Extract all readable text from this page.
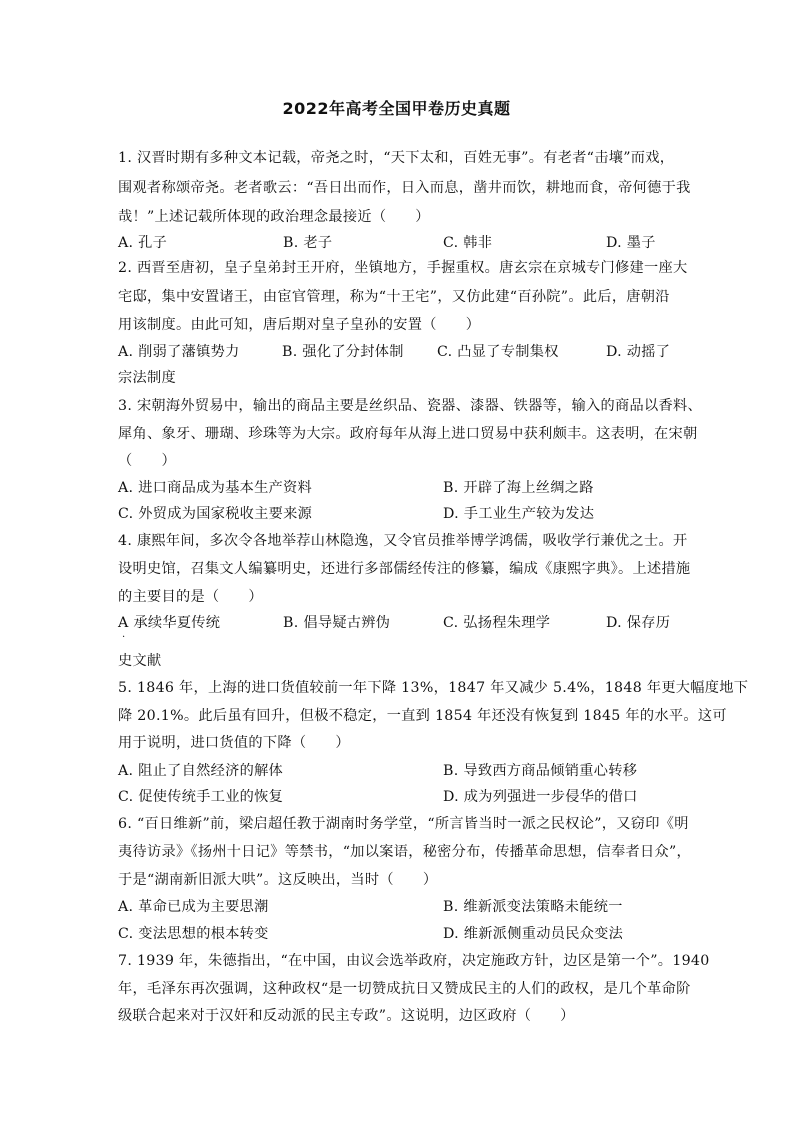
2022年高考全国甲卷历史真题
1. 汉晋时期有多种文本记载，帝尧之时，“天下太和，百姓无事”。有老者“击壤”而戏，
围观者称颂帝尧。老者歌云：“吾日出而作，日入而息，凿井而饮，耕地而食，帝何德于我
哉！”上述记载所体现的政治理念最接近（　　）
A. 孔子	B. 老子	C. 韩非	D. 墨子
2. 西晋至唐初，皇子皇弟封王开府，坐镇地方，手握重权。唐玄宗在京城专门修建一座大
宅邸，集中安置诸王，由宦官管理，称为“十王宅”，又仿此建“百孙院”。此后，唐朝沿
用该制度。由此可知，唐后期对皇子皇孙的安置（　　）
A. 削弱了藩镇势力	B. 强化了分封体制 C. 凸显了专制集权	D. 动摇了
宗法制度
3. 宋朝海外贸易中，输出的商品主要是丝织品、瓷器、漆器、铁器等，输入的商品以香料、
犀角、象牙、珊瑚、珍珠等为大宗。政府每年从海上进口贸易中获利颇丰。这表明，在宋朝
（　　）
A. 进口商品成为基本生产资料	B. 开辟了海上丝绸之路
C. 外贸成为国家税收主要来源	D. 手工业生产较为发达
4. 康熙年间，多次令各地举荐山林隐逸，又令官员推举博学鸿儒，吸收学行兼优之士。开
设明史馆，召集文人编纂明史，还进行多部儒经传注的修纂，编成《康熙字典》。上述措施
的主要目的是（　　）
A 承续华夏传统	B. 倡导疑古辨伪	C. 弘扬程朱理学	D. 保存历
.
史文献
5. 1846 年，上海的进口货值较前一年下降 13%，1847 年又减少 5.4%，1848 年更大幅度地下
降 20.1%。此后虽有回升，但极不稳定，一直到 1854 年还没有恢复到 1845 年的水平。这可
用于说明，进口货值的下降（　　）
A. 阻止了自然经济的解体	B. 导致西方商品倾销重心转移
C. 促使传统手工业的恢复	D. 成为列强进一步侵华的借口
6. “百日维新”前，梁启超任教于湖南时务学堂，“所言皆当时一派之民权论”，又窃印《明
夷待访录》《扬州十日记》等禁书，“加以案语，秘密分布，传播革命思想，信奉者日众”，
于是“湖南新旧派大哄”。这反映出，当时（　　）
A. 革命已成为主要思潮	B. 维新派变法策略未能统一
C. 变法思想的根本转变	D. 维新派侧重动员民众变法
7. 1939 年，朱德指出，“在中国，由议会选举政府，决定施政方针，边区是第一个”。1940
年，毛泽东再次强调，这种政权“是一切赞成抗日又赞成民主的人们的政权，是几个革命阶
级联合起来对于汉奸和反动派的民主专政”。这说明，边区政府（　　）
